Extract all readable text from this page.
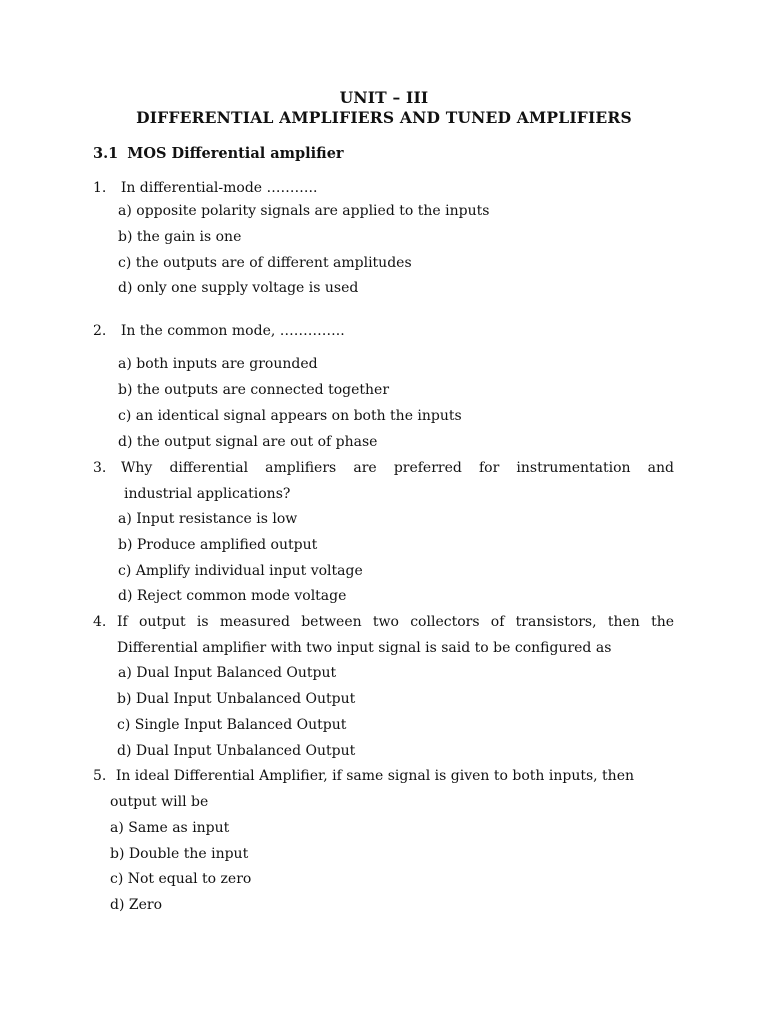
UNIT – III
DIFFERENTIAL AMPLIFIERS AND TUNED AMPLIFIERS
3.1 MOS Differential amplifier
1. In differential-mode ………..
a) opposite polarity signals are applied to the inputs
b) the gain is one
c) the outputs are of different amplitudes
d) only one supply voltage is used
2. In the common mode, …………..
a) both inputs are grounded
b) the outputs are connected together
c) an identical signal appears on both the inputs
d) the output signal are out of phase
3. Why differential amplifiers are preferred for instrumentation and
industrial applications?
a) Input resistance is low
b) Produce amplified output
c) Amplify individual input voltage
d) Reject common mode voltage
4. If output is measured between two collectors of transistors, then the
Differential amplifier with two input signal is said to be configured as
a) Dual Input Balanced Output
b) Dual Input Unbalanced Output
c) Single Input Balanced Output
d) Dual Input Unbalanced Output
5. In ideal Differential Amplifier, if same signal is given to both inputs, then
output will be
a) Same as input
b) Double the input
c) Not equal to zero
d) Zero
